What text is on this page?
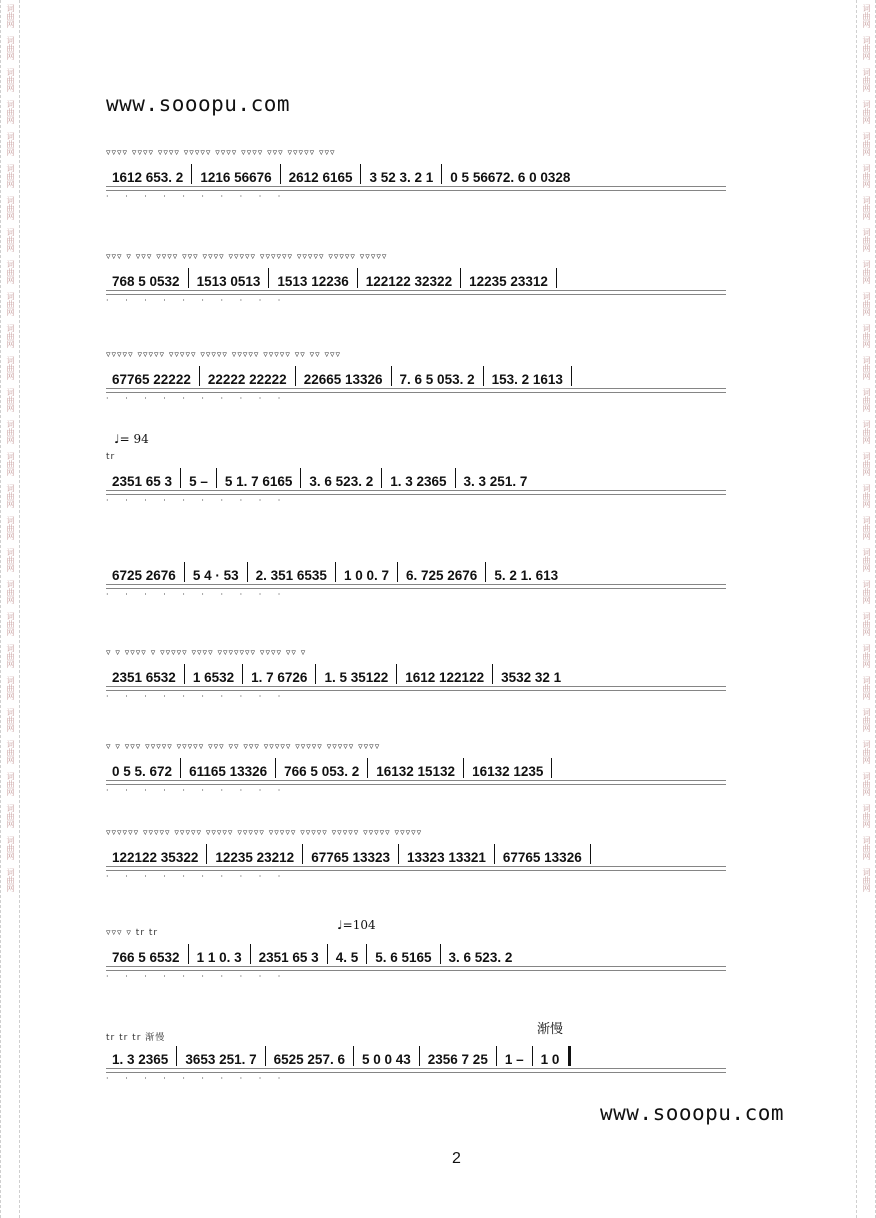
词曲网
词曲网
词曲网
词曲网
词曲网
词曲网
词曲网
词曲网
词曲网
词曲网
词曲网
词曲网
词曲网
词曲网
词曲网
词曲网
词曲网
词曲网
词曲网
词曲网
词曲网
词曲网
词曲网
词曲网
词曲网
词曲网
词曲网
词曲网
词曲网
词曲网
词曲网
词曲网
词曲网
词曲网
词曲网
词曲网
词曲网
词曲网
词曲网
词曲网
词曲网
词曲网
词曲网
词曲网
词曲网
词曲网
词曲网
词曲网
词曲网
词曲网
词曲网
词曲网
词曲网
词曲网
词曲网
词曲网
www.sooopu.com
♩= 94
♩=104
渐慢
▿▿▿▿ ▿▿▿▿ ▿▿▿▿ ▿▿▿▿▿ ▿▿▿▿ ▿▿▿▿ ▿▿▿ ▿▿▿▿▿ ▿▿▿
1612 653. 2 1216 56676 2612 6165 3 52 3. 2 1 0 5 56672. 6 0 0328
· · · · · · · · · ·
▿▿▿ ▿ ▿▿▿ ▿▿▿▿ ▿▿▿ ▿▿▿▿ ▿▿▿▿▿ ▿▿▿▿▿▿ ▿▿▿▿▿ ▿▿▿▿▿ ▿▿▿▿▿
768 5 0532 1513 0513 1513 12236 122122 32322 12235 23312
· · · · · · · · · ·
▿▿▿▿▿ ▿▿▿▿▿ ▿▿▿▿▿ ▿▿▿▿▿ ▿▿▿▿▿ ▿▿▿▿▿ ▿▿ ▿▿ ▿▿▿
67765 22222 22222 22222 22665 13326 7. 6 5 053. 2 153. 2 1613
· · · · · · · · · ·
tr
2351 65 3 5 – 5 1. 7 6165 3. 6 523. 2 1. 3 2365 3. 3 251. 7
· · · · · · · · · ·
6725 2676 5 4 · 53 2. 351 6535 1 0 0. 7 6. 725 2676 5. 2 1. 613
· · · · · · · · · ·
▿ ▿ ▿▿▿▿ ▿ ▿▿▿▿▿ ▿▿▿▿ ▿▿▿▿▿▿▿ ▿▿▿▿ ▿▿ ▿
2351 6532 1 6532 1. 7 6726 1. 5 35122 1612 122122 3532 32 1
· · · · · · · · · ·
▿ ▿ ▿▿▿ ▿▿▿▿▿ ▿▿▿▿▿ ▿▿▿ ▿▿ ▿▿▿ ▿▿▿▿▿ ▿▿▿▿▿ ▿▿▿▿▿ ▿▿▿▿
0 5 5. 672 61165 13326 766 5 053. 2 16132 15132 16132 1235
· · · · · · · · · ·
▿▿▿▿▿▿ ▿▿▿▿▿ ▿▿▿▿▿ ▿▿▿▿▿ ▿▿▿▿▿ ▿▿▿▿▿ ▿▿▿▿▿ ▿▿▿▿▿ ▿▿▿▿▿ ▿▿▿▿▿
122122 35322 12235 23212 67765 13323 13323 13321 67765 13326
· · · · · · · · · ·
▿▿▿ ▿ tr tr
766 5 6532 1 1 0. 3 2351 65 3 4. 5 5. 6 5165 3. 6 523. 2
· · · · · · · · · ·
tr tr tr 渐慢
1. 3 2365 3653 251. 7 6525 257. 6 5 0 0 43 2356 7 25 1 – 1 0
· · · · · · · · · ·
www.sooopu.com
2
